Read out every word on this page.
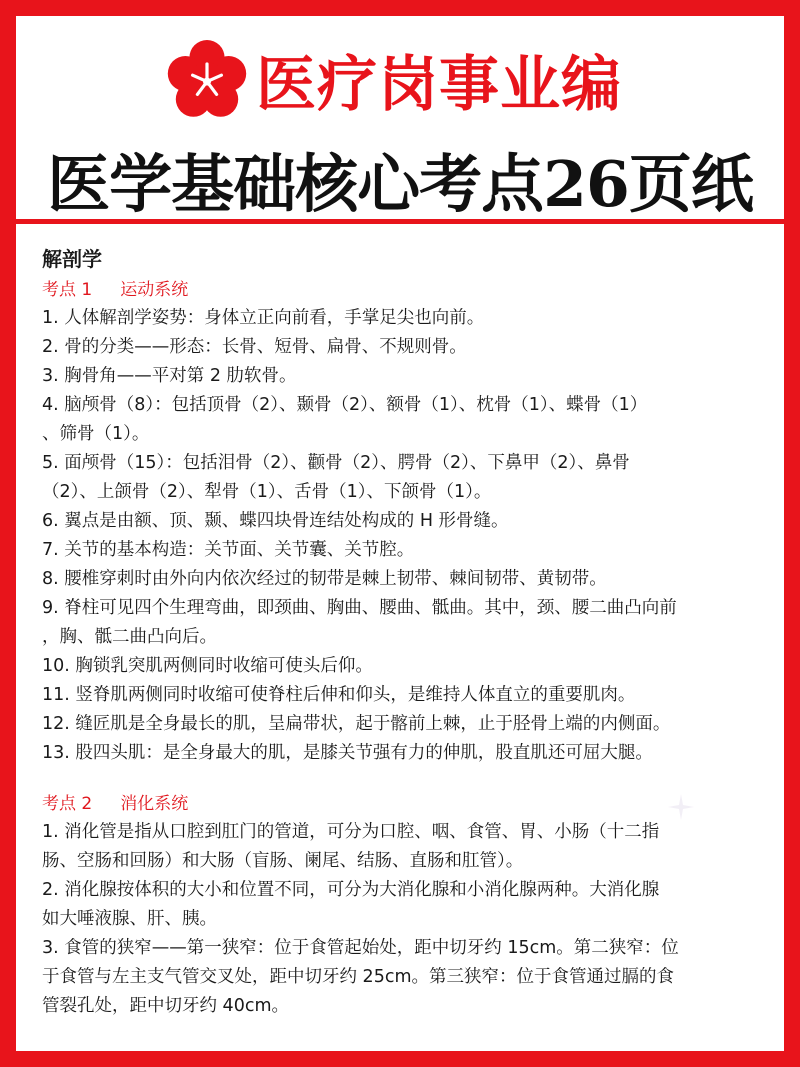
医疗岗事业编
医学基础核心考点26页纸
解剖学
考点 1 运动系统
1. 人体解剖学姿势：身体立正向前看，手掌足尖也向前。
2. 骨的分类——形态：长骨、短骨、扁骨、不规则骨。
3. 胸骨角——平对第 2 肋软骨。
4. 脑颅骨（8）：包括顶骨（2）、颞骨（2）、额骨（1）、枕骨（1）、蝶骨（1）
、筛骨（1）。
5. 面颅骨（15）：包括泪骨（2）、颧骨（2）、腭骨（2）、下鼻甲（2）、鼻骨
（2）、上颌骨（2）、犁骨（1）、舌骨（1）、下颌骨（1）。
6. 翼点是由额、顶、颞、蝶四块骨连结处构成的 H 形骨缝。
7. 关节的基本构造：关节面、关节囊、关节腔。
8. 腰椎穿刺时由外向内依次经过的韧带是棘上韧带、棘间韧带、黄韧带。
9. 脊柱可见四个生理弯曲，即颈曲、胸曲、腰曲、骶曲。其中，颈、腰二曲凸向前
，胸、骶二曲凸向后。
10. 胸锁乳突肌两侧同时收缩可使头后仰。
11. 竖脊肌两侧同时收缩可使脊柱后伸和仰头，是维持人体直立的重要肌肉。
12. 缝匠肌是全身最长的肌，呈扁带状，起于髂前上棘，止于胫骨上端的内侧面。
13. 股四头肌：是全身最大的肌，是膝关节强有力的伸肌，股直肌还可屈大腿。
考点 2 消化系统
1. 消化管是指从口腔到肛门的管道，可分为口腔、咽、食管、胃、小肠（十二指
肠、空肠和回肠）和大肠（盲肠、阑尾、结肠、直肠和肛管）。
2. 消化腺按体积的大小和位置不同，可分为大消化腺和小消化腺两种。大消化腺
如大唾液腺、肝、胰。
3. 食管的狭窄——第一狭窄：位于食管起始处，距中切牙约 15cm。第二狭窄：位
于食管与左主支气管交叉处，距中切牙约 25cm。第三狭窄：位于食管通过膈的食
管裂孔处，距中切牙约 40cm。
